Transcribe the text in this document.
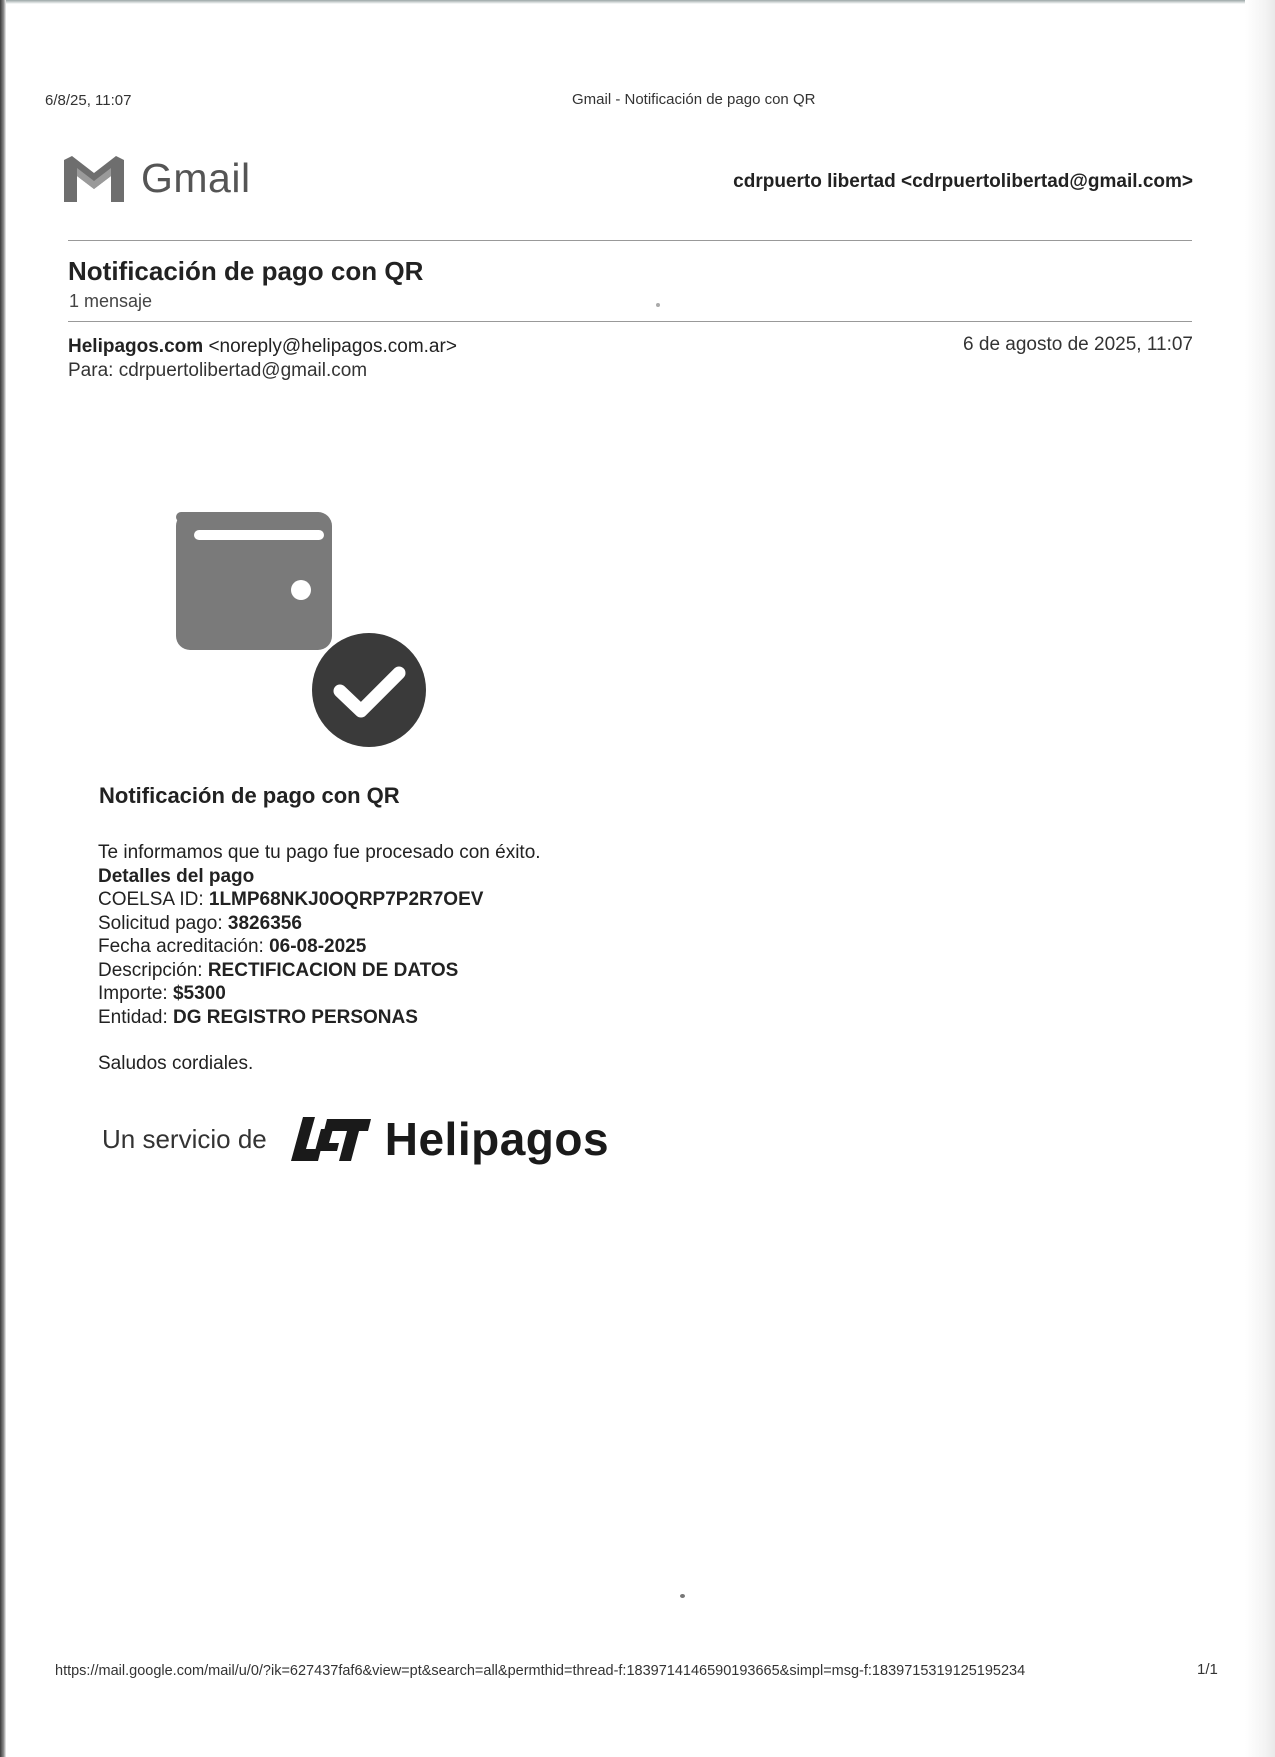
6/8/25, 11:07	Gmail - Notificación de pago con QR
Gmail	cdrpuerto libertad <cdrpuertolibertad@gmail.com>
Notificación de pago con QR
1 mensaje
Helipagos.com <noreply@helipagos.com.ar>
Para: cdrpuertolibertad@gmail.com
6 de agosto de 2025, 11:07
Notificación de pago con QR
Te informamos que tu pago fue procesado con éxito.
Detalles del pago
COELSA ID: 1LMP68NKJ0OQRP7P2R7OEV
Solicitud pago: 3826356
Fecha acreditación: 06-08-2025
Descripción: RECTIFICACION DE DATOS
Importe: $5300
Entidad: DG REGISTRO PERSONAS
Saludos cordiales.
Un servicio de	Helipagos
https://mail.google.com/mail/u/0/?ik=627437faf6&view=pt&search=all&permthid=thread-f:1839714146590193665&simpl=msg-f:1839715319125195234	1/1
